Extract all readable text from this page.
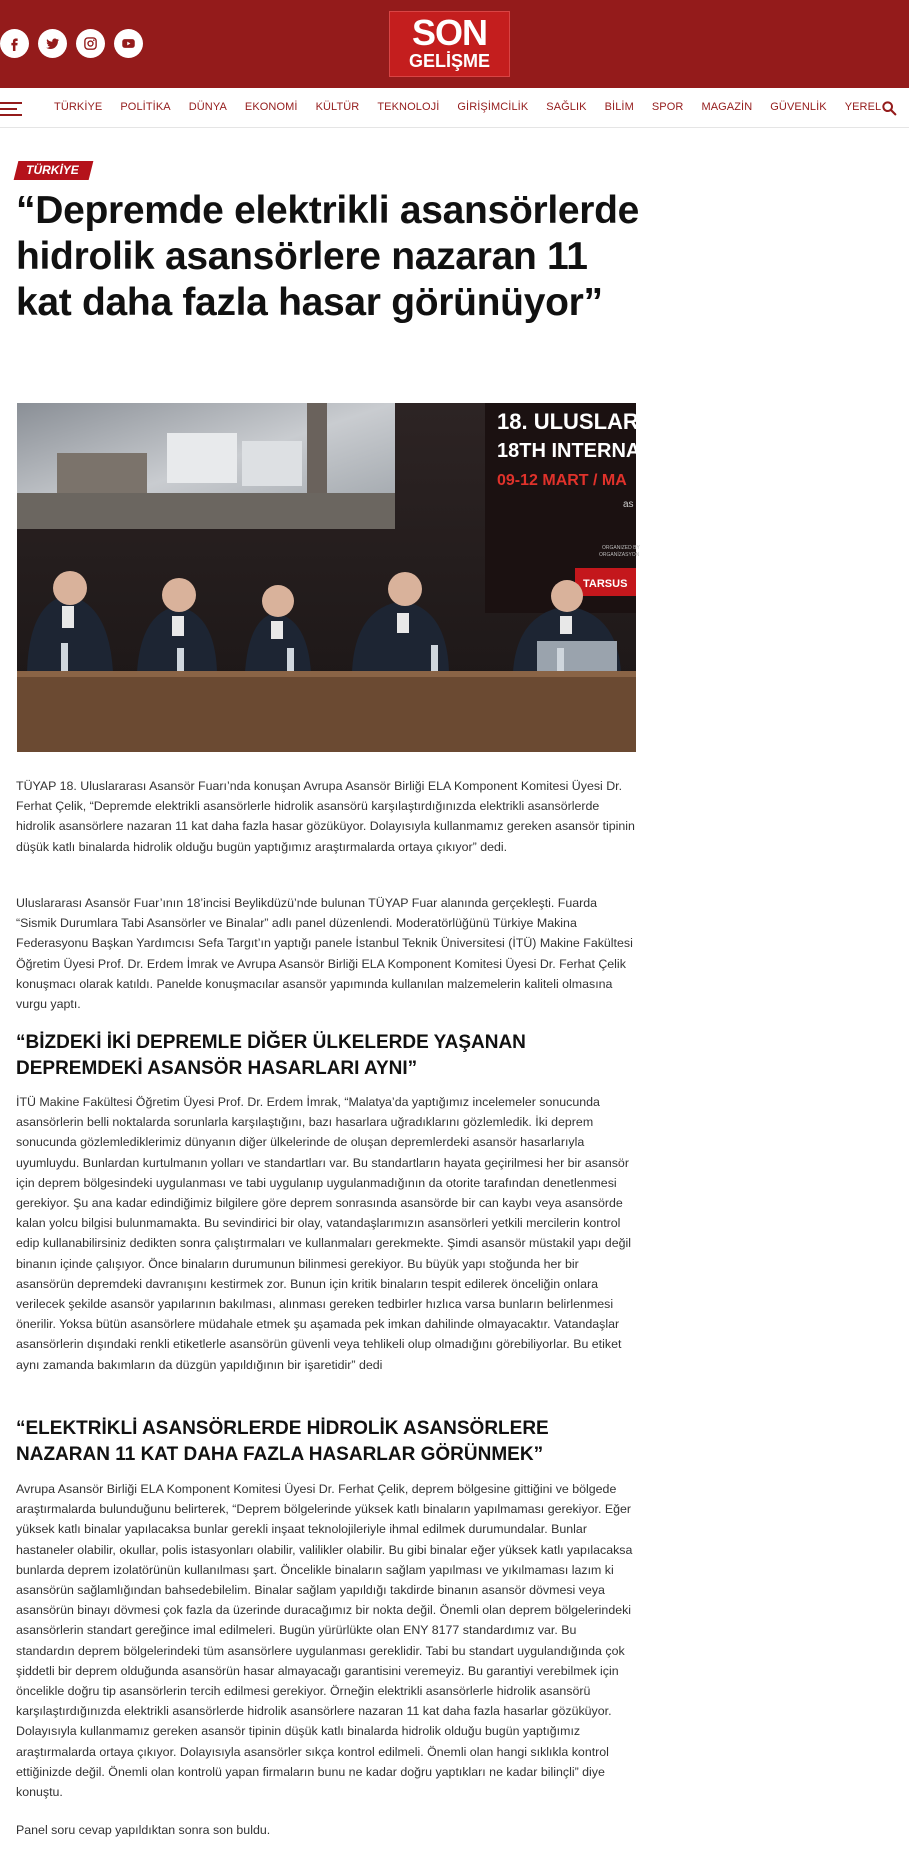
SON
GELİŞME
TÜRKİYE POLİTİKA DÜNYA EKONOMİ KÜLTÜR TEKNOLOJİ GİRİŞİMCİLİK SAĞLIK BİLİM SPOR MAGAZİN GÜVENLİK YEREL
TÜRKİYE
“Depremde elektrikli asansörlerde hidrolik asansörlere nazaran 11 kat daha fazla hasar görünüyor”
18. ULUSLARA
18TH INTERNAT
09-12 MART / MA
as
ORGANIZED BY
ORGANİZASYON
TARSUS

TÜYAP 18. Uluslararası Asansör Fuarı’nda konuşan Avrupa Asansör Birliği ELA Komponent Komitesi Üyesi Dr. Ferhat Çelik, “Depremde elektrikli asansörlerle hidrolik asansörü karşılaştırdığınızda elektrikli asansörlerde hidrolik asansörlere nazaran 11 kat daha fazla hasar gözüküyor. Dolayısıyla kullanmamız gereken asansör tipinin düşük katlı binalarda hidrolik olduğu bugün yaptığımız araştırmalarda ortaya çıkıyor” dedi.

Uluslararası Asansör Fuar’ının 18’incisi Beylikdüzü’nde bulunan TÜYAP Fuar alanında gerçekleşti. Fuarda “Sismik Durumlara Tabi Asansörler ve Binalar” adlı panel düzenlendi. Moderatörlüğünü Türkiye Makina Federasyonu Başkan Yardımcısı Sefa Targıt’ın yaptığı panele İstanbul Teknik Üniversitesi (İTÜ) Makine Fakültesi Öğretim Üyesi Prof. Dr. Erdem İmrak ve Avrupa Asansör Birliği ELA Komponent Komitesi Üyesi Dr. Ferhat Çelik konuşmacı olarak katıldı. Panelde konuşmacılar asansör yapımında kullanılan malzemelerin kaliteli olmasına vurgu yaptı.

“BİZDEKİ İKİ DEPREMLE DİĞER ÜLKELERDE YAŞANAN DEPREMDEKİ ASANSÖR HASARLARI AYNI”

İTÜ Makine Fakültesi Öğretim Üyesi Prof. Dr. Erdem İmrak, “Malatya’da yaptığımız incelemeler sonucunda asansörlerin belli noktalarda sorunlarla karşılaştığını, bazı hasarlara uğradıklarını gözlemledik. İki deprem sonucunda gözlemlediklerimiz dünyanın diğer ülkelerinde de oluşan depremlerdeki asansör hasarlarıyla uyumluydu. Bunlardan kurtulmanın yolları ve standartları var. Bu standartların hayata geçirilmesi her bir asansör için deprem bölgesindeki uygulanması ve tabi uygulanıp uygulanmadığının da otorite tarafından denetlenmesi gerekiyor. Şu ana kadar edindiğimiz bilgilere göre deprem sonrasında asansörde bir can kaybı veya asansörde kalan yolcu bilgisi bulunmamakta. Bu sevindirici bir olay, vatandaşlarımızın asansörleri yetkili mercilerin kontrol edip kullanabilirsiniz dedikten sonra çalıştırmaları ve kullanmaları gerekmekte. Şimdi asansör müstakil yapı değil binanın içinde çalışıyor. Önce binaların durumunun bilinmesi gerekiyor. Bu büyük yapı stoğunda her bir asansörün depremdeki davranışını kestirmek zor. Bunun için kritik binaların tespit edilerek önceliğin onlara verilecek şekilde asansör yapılarının bakılması, alınması gereken tedbirler hızlıca varsa bunların belirlenmesi önerilir. Yoksa bütün asansörlere müdahale etmek şu aşamada pek imkan dahilinde olmayacaktır. Vatandaşlar asansörlerin dışındaki renkli etiketlerle asansörün güvenli veya tehlikeli olup olmadığını görebiliyorlar. Bu etiket aynı zamanda bakımların da düzgün yapıldığının bir işaretidir” dedi

“ELEKTRİKLİ ASANSÖRLERDE HİDROLİK ASANSÖRLERE NAZARAN 11 KAT DAHA FAZLA HASARLAR GÖRÜNMEK”

Avrupa Asansör Birliği ELA Komponent Komitesi Üyesi Dr. Ferhat Çelik, deprem bölgesine gittiğini ve bölgede araştırmalarda bulunduğunu belirterek, “Deprem bölgelerinde yüksek katlı binaların yapılmaması gerekiyor. Eğer yüksek katlı binalar yapılacaksa bunlar gerekli inşaat teknolojileriyle ihmal edilmek durumundalar. Bunlar hastaneler olabilir, okullar, polis istasyonları olabilir, valilikler olabilir. Bu gibi binalar eğer yüksek katlı yapılacaksa bunlarda deprem izolatörünün kullanılması şart. Öncelikle binaların sağlam yapılması ve yıkılmaması lazım ki asansörün sağlamlığından bahsedebilelim. Binalar sağlam yapıldığı takdirde binanın asansör dövmesi veya asansörün binayı dövmesi çok fazla da üzerinde duracağımız bir nokta değil. Önemli olan deprem bölgelerindeki asansörlerin standart gereğince imal edilmeleri. Bugün yürürlükte olan ENY 8177 standardımız var. Bu standardın deprem bölgelerindeki tüm asansörlere uygulanması gereklidir. Tabi bu standart uygulandığında çok şiddetli bir deprem olduğunda asansörün hasar almayacağı garantisini veremeyiz. Bu garantiyi verebilmek için öncelikle doğru tip asansörlerin tercih edilmesi gerekiyor. Örneğin elektrikli asansörlerle hidrolik asansörü karşılaştırdığınızda elektrikli asansörlerde hidrolik asansörlere nazaran 11 kat daha fazla hasarlar gözüküyor. Dolayısıyla kullanmamız gereken asansör tipinin düşük katlı binalarda hidrolik olduğu bugün yaptığımız araştırmalarda ortaya çıkıyor. Dolayısıyla asansörler sıkça kontrol edilmeli. Önemli olan hangi sıklıkla kontrol ettiğinizde değil. Önemli olan kontrolü yapan firmaların bunu ne kadar doğru yaptıkları ne kadar bilinçli” diye konuştu.

Panel soru cevap yapıldıktan sonra son buldu.
